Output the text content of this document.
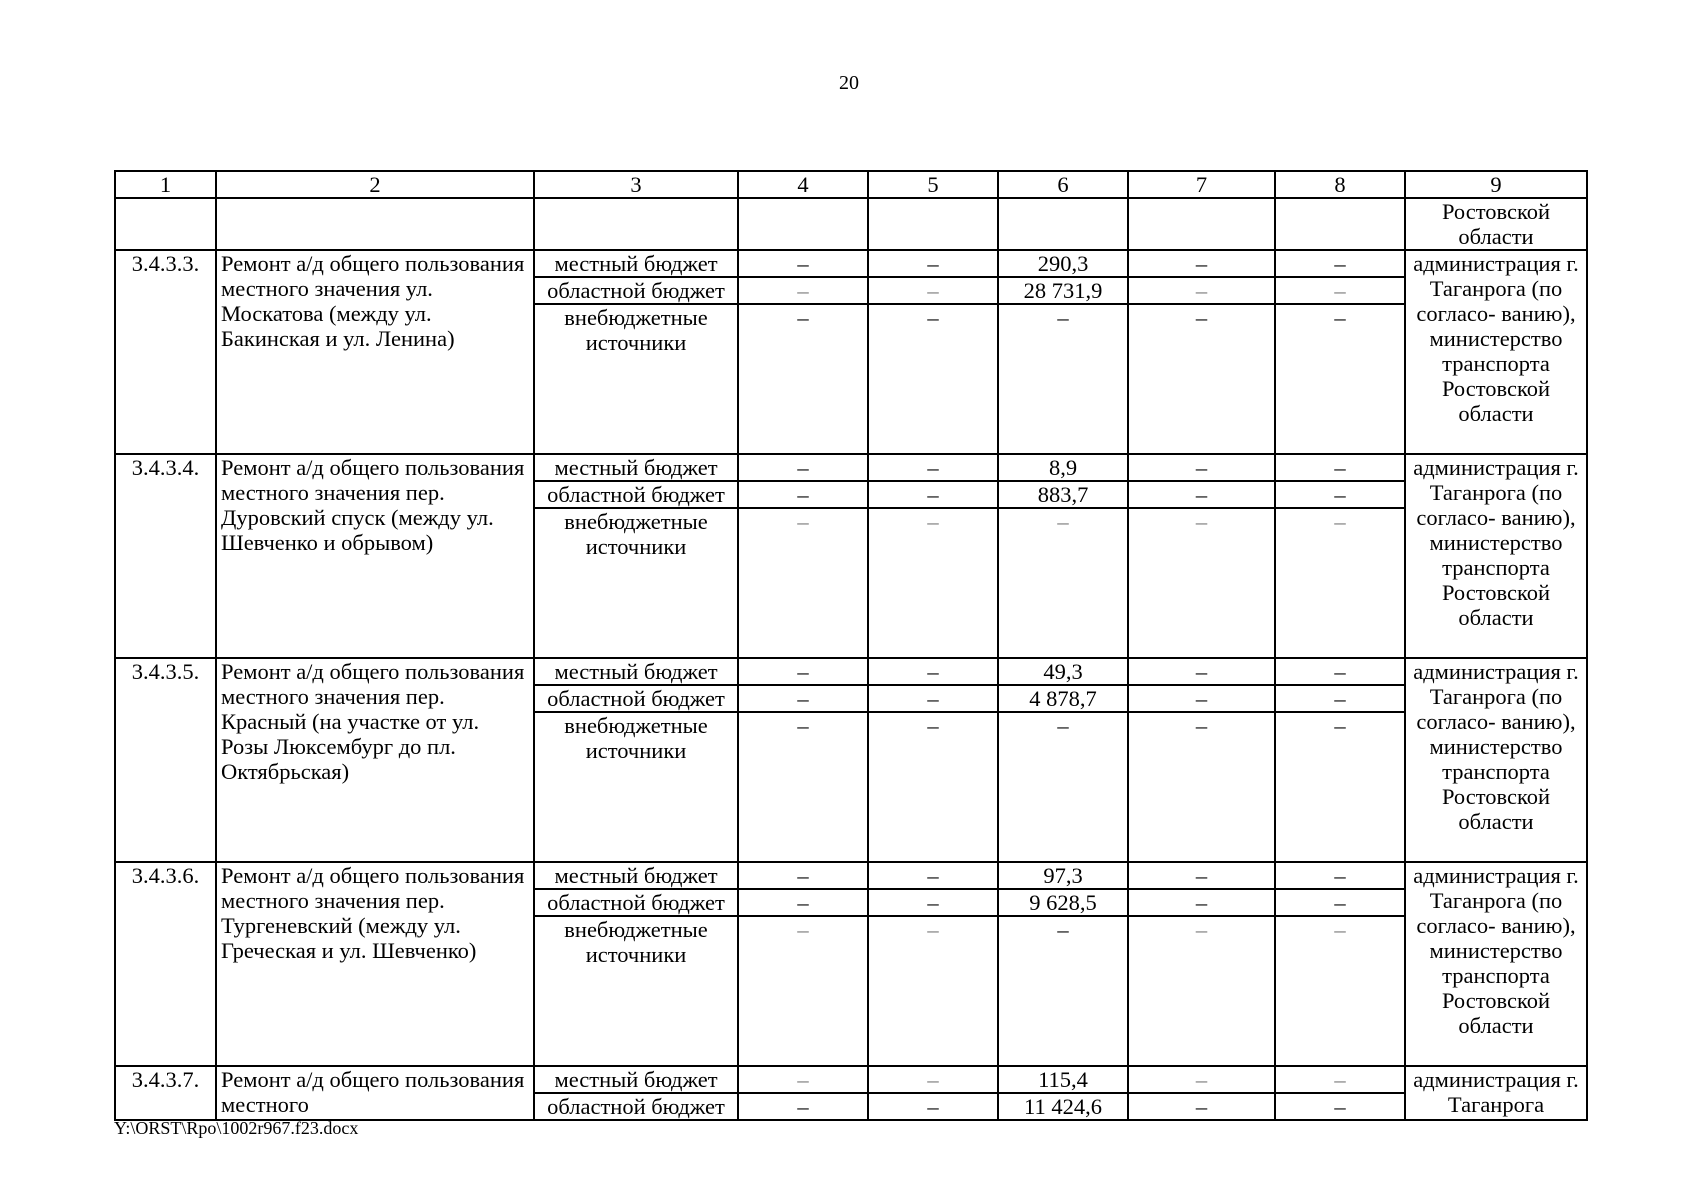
20
1	2	3	4	5	6	7	8	9
								Ростовской области
3.4.3.3.	Ремонт а/д общего пользования местного значения ул. Москатова (между ул. Бакинская и ул. Ленина)	местный бюджет	–	–	290,3	–	–	администрация г. Таганрога (по согласо- ванию), министерство транспорта Ростовской области
		областной бюджет	–	–	28 731,9	–	–	
		внебюджетные источники	–	–	–	–	–	
3.4.3.4.	Ремонт а/д общего пользования местного значения пер. Дуровский спуск (между ул. Шевченко и обрывом)	местный бюджет	–	–	8,9	–	–	администрация г. Таганрога (по согласо- ванию), министерство транспорта Ростовской области
		областной бюджет	–	–	883,7	–	–	
		внебюджетные источники	–	–	–	–	–	
3.4.3.5.	Ремонт а/д общего пользования местного значения пер. Красный (на участке от ул. Розы Люксембург до пл. Октябрьская)	местный бюджет	–	–	49,3	–	–	администрация г. Таганрога (по согласо- ванию), министерство транспорта Ростовской области
		областной бюджет	–	–	4 878,7	–	–	
		внебюджетные источники	–	–	–	–	–	
3.4.3.6.	Ремонт а/д общего пользования местного значения пер. Тургеневский (между ул. Греческая и ул. Шевченко)	местный бюджет	–	–	97,3	–	–	администрация г. Таганрога (по согласо- ванию), министерство транспорта Ростовской области
		областной бюджет	–	–	9 628,5	–	–	
		внебюджетные источники	–	–	–	–	–	
3.4.3.7.	Ремонт а/д общего пользования местного	местный бюджет	–	–	115,4	–	–	администрация г. Таганрога
		областной бюджет	–	–	11 424,6	–	–	
Y:\ORST\Rpo\1002r967.f23.docx
